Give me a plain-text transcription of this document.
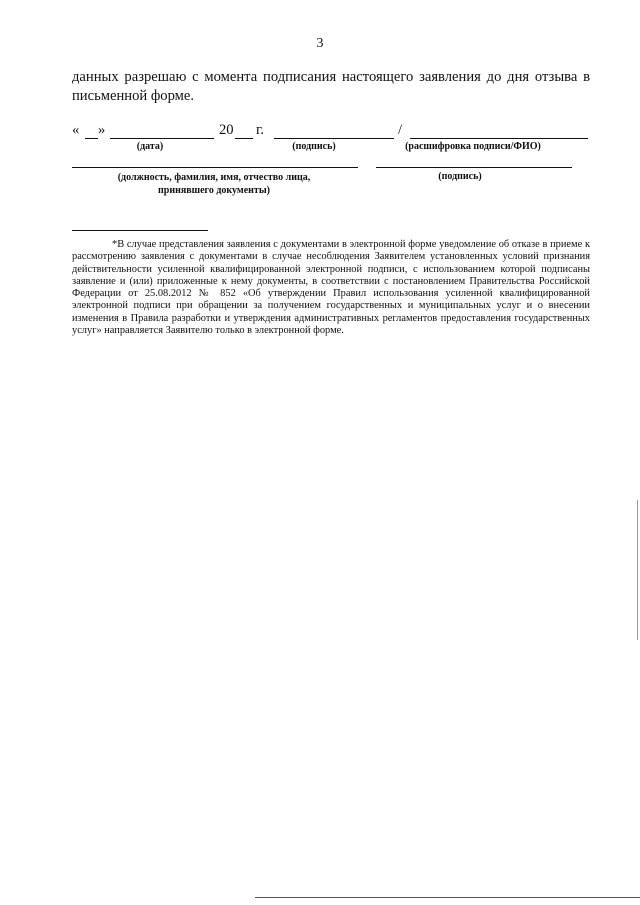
3
данных разрешаю с момента подписания настоящего заявления до дня отзыва в письменной форме.
« »	20 г.	/
(дата)	(подпись)	(расшифровка подписи/ФИО)
(должность, фамилия, имя, отчество лица, принявшего документы)
(подпись)
*В случае представления заявления с документами в электронной форме уведомление об отказе в приеме к рассмотрению заявления с документами в случае несоблюдения Заявителем установленных условий признания действительности усиленной квалифицированной электронной подписи, с использованием которой подписаны заявление и (или) приложенные к нему документы, в соответствии с постановлением Правительства Российской Федерации от 25.08.2012 № 852 «Об утверждении Правил использования усиленной квалифицированной электронной подписи при обращении за получением государственных и муниципальных услуг и о внесении изменения в Правила разработки и утверждения административных регламентов предоставления государственных услуг» направляется Заявителю только в электронной форме.
